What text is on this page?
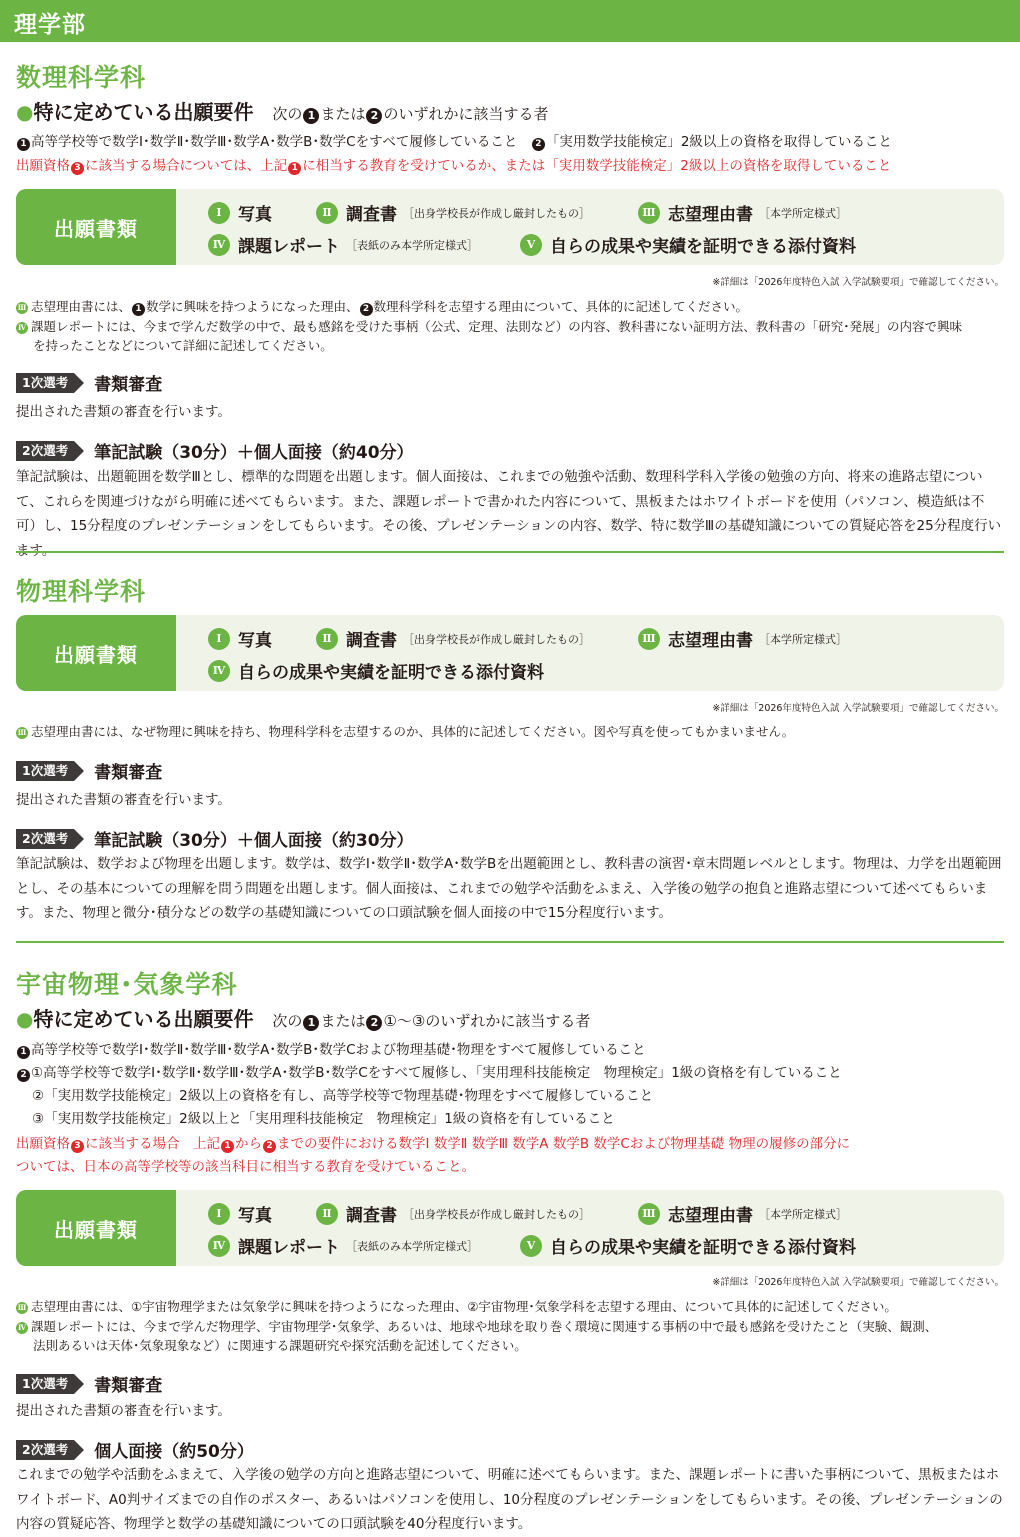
理学部
数理科学科
●特に定めている出願要件 次の 1 または 2 のいずれかに該当する者
1 高等学校等で数学Ⅰ･数学Ⅱ･数学Ⅲ･数学A･数学B･数学Cをすべて履修していること　2 「実用数学技能検定」2級以上の資格を取得していること
出願資格 3 に該当する場合については、上記 1 に相当する教育を受けているか、または「実用数学技能検定」2級以上の資格を取得していること
出願書類
Ⅰ 写真	Ⅱ 調査書 ［出身学校長が作成し厳封したもの］	Ⅲ 志望理由書 ［本学所定様式］
Ⅳ 課題レポート ［表紙のみ本学所定様式］	Ⅴ 自らの成果や実績を証明できる添付資料
※詳細は「2026年度特色入試 入学試験要項」で確認してください。
Ⅲ 志望理由書には、 1 数学に興味を持つようになった理由、 2 数理科学科を志望する理由について、具体的に記述してください。
Ⅳ 課題レポートには、今まで学んだ数学の中で、最も感銘を受けた事柄（公式、定理、法則など）の内容、教科書にない証明方法、教科書の「研究･発展」の内容で興味
を持ったことなどについて詳細に記述してください。
1次選考	書類審査
提出された書類の審査を行います。
2次選考	筆記試験（30分）＋個人面接（約40分）
筆記試験は、出題範囲を数学Ⅲとし、標準的な問題を出題します。個人面接は、これまでの勉強や活動、数理科学科入学後の勉強の方向、将来の進路志望について、これらを関連づけながら明確に述べてもらいます。また、課題レポートで書かれた内容について、黒板またはホワイトボードを使用（パソコン、模造紙は不可）し、15分程度のプレゼンテーションをしてもらいます。その後、プレゼンテーションの内容、数学、特に数学Ⅲの基礎知識についての質疑応答を25分程度行い
物理科学科
出願書類
Ⅰ 写真	Ⅱ 調査書 ［出身学校長が作成し厳封したもの］	Ⅲ 志望理由書 ［本学所定様式］
Ⅳ 自らの成果や実績を証明できる添付資料
※詳細は「2026年度特色入試 入学試験要項」で確認してください。
Ⅲ 志望理由書には、なぜ物理に興味を持ち、物理科学科を志望するのか、具体的に記述してください。図や写真を使ってもかまいません。
1次選考	書類審査
提出された書類の審査を行います。
2次選考	筆記試験（30分）＋個人面接（約30分）
筆記試験は、数学および物理を出題します。数学は、数学Ⅰ･数学Ⅱ･数学A･数学Bを出題範囲とし、教科書の演習･章末問題レベルとします。物理は、力学を出題範囲とし、その基本についての理解を問う問題を出題します。個人面接は、これまでの勉学や活動をふまえ、入学後の勉学の抱負と進路志望について述べてもらいます。また、物理と微分･積分などの数学の基礎知識についての口頭試験を個人面接の中で15分程度行います。
宇宙物理･気象学科
●特に定めている出願要件 次の 1 または 2 ①～③のいずれかに該当する者
1 高等学校等で数学Ⅰ･数学Ⅱ･数学Ⅲ･数学A･数学B･数学Cおよび物理基礎･物理をすべて履修していること
2 ①高等学校等で数学Ⅰ･数学Ⅱ･数学Ⅲ･数学A･数学B･数学Cをすべて履修し、「実用理科技能検定　物理検定」1級の資格を有していること
②「実用数学技能検定」2級以上の資格を有し、高等学校等で物理基礎･物理をすべて履修していること
③「実用数学技能検定」2級以上と「実用理科技能検定　物理検定」1級の資格を有していること
出願資格 3 に該当する場合　上記 1 から 2 までの要件における数学Ⅰ 数学Ⅱ 数学Ⅲ 数学A 数学B 数学Cおよび物理基礎 物理の履修の部分に
ついては、日本の高等学校等の該当科目に相当する教育を受けていること。
出願書類
Ⅰ 写真	Ⅱ 調査書 ［出身学校長が作成し厳封したもの］	Ⅲ 志望理由書 ［本学所定様式］
Ⅳ 課題レポート ［表紙のみ本学所定様式］	Ⅴ 自らの成果や実績を証明できる添付資料
※詳細は「2026年度特色入試 入学試験要項」で確認してください。
Ⅲ 志望理由書には、①宇宙物理学または気象学に興味を持つようになった理由、②宇宙物理･気象学科を志望する理由、について具体的に記述してください。
Ⅳ 課題レポートには、今まで学んだ物理学、宇宙物理学･気象学、あるいは、地球や地球を取り巻く環境に関連する事柄の中で最も感銘を受けたこと（実験、観測、
法則あるいは天体･気象現象など）に関連する課題研究や探究活動を記述してください。
1次選考	書類審査
提出された書類の審査を行います。
2次選考	個人面接（約50分）
これまでの勉学や活動をふまえて、入学後の勉学の方向と進路志望について、明確に述べてもらいます。また、課題レポートに書いた事柄について、黒板またはホワイトボード、A0判サイズまでの自作のポスター、あるいはパソコンを使用し、10分程度のプレゼンテーションをしてもらいます。その後、プレゼンテーションの内容の質疑応答、物理学と数学の基礎知識についての口頭試験を40分程度行います。
